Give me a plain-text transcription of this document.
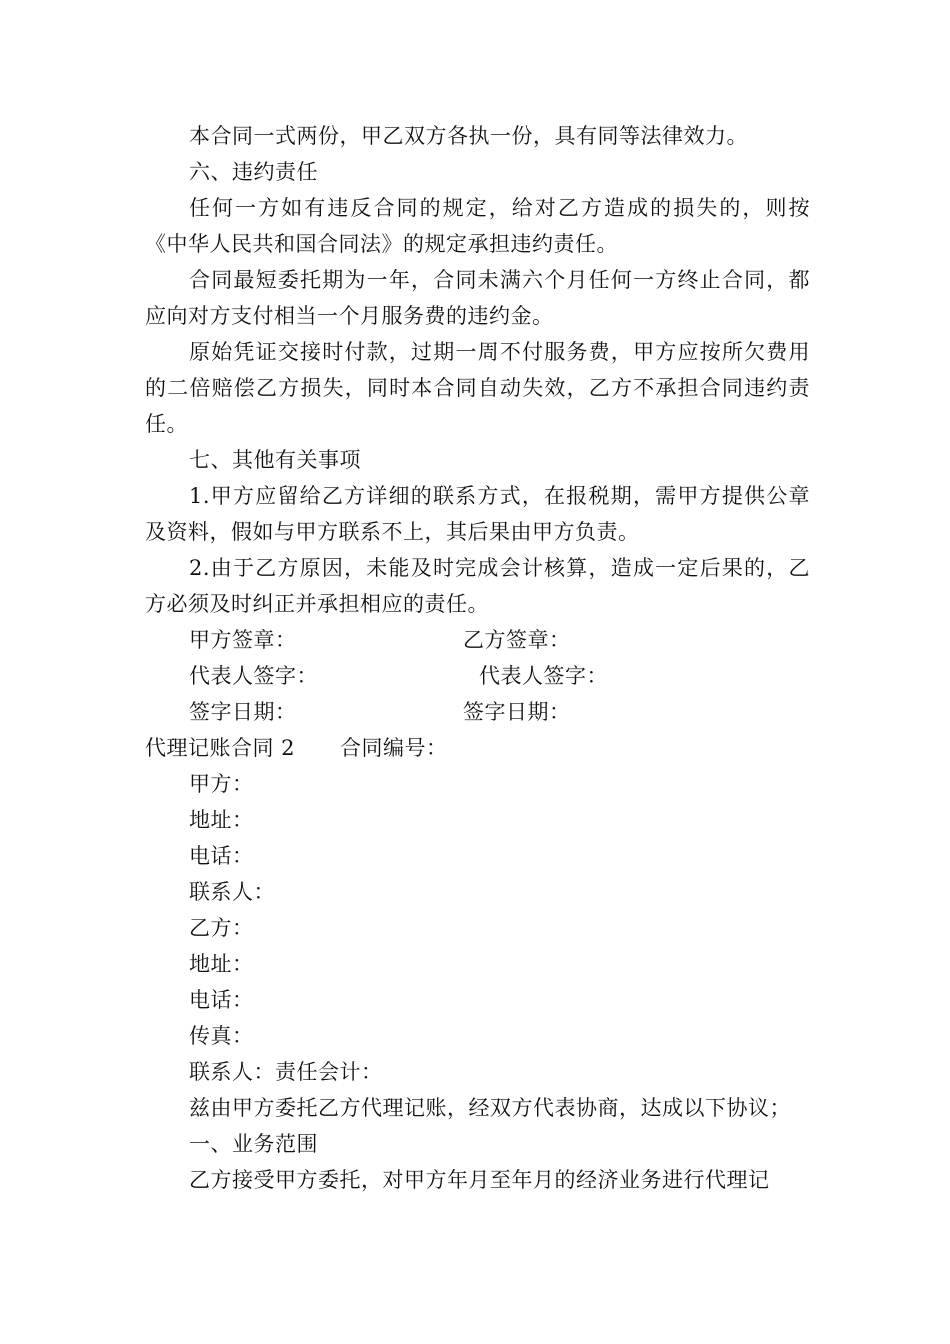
本合同一式两份，甲乙双方各执一份，具有同等法律效力。

六、违约责任

任何一方如有违反合同的规定，给对乙方造成的损失的，则按《中华人民共和国合同法》的规定承担违约责任。

合同最短委托期为一年，合同未满六个月任何一方终止合同，都应向对方支付相当一个月服务费的违约金。

原始凭证交接时付款，过期一周不付服务费，甲方应按所欠费用的二倍赔偿乙方损失，同时本合同自动失效，乙方不承担合同违约责任。

七、其他有关事项

1.甲方应留给乙方详细的联系方式，在报税期，需甲方提供公章及资料，假如与甲方联系不上，其后果由甲方负责。

2.由于乙方原因，未能及时完成会计核算，造成一定后果的，乙方必须及时纠正并承担相应的责任。

甲方签章：	乙方签章：
代表人签字：	代表人签字：
签字日期：	签字日期：
代理记账合同 2 合同编号：

甲方：

地址：

电话：

联系人：

乙方：

地址：

电话：

传真：

联系人：责任会计：

兹由甲方委托乙方代理记账，经双方代表协商，达成以下协议；

一、业务范围

乙方接受甲方委托，对甲方年月至年月的经济业务进行代理记
